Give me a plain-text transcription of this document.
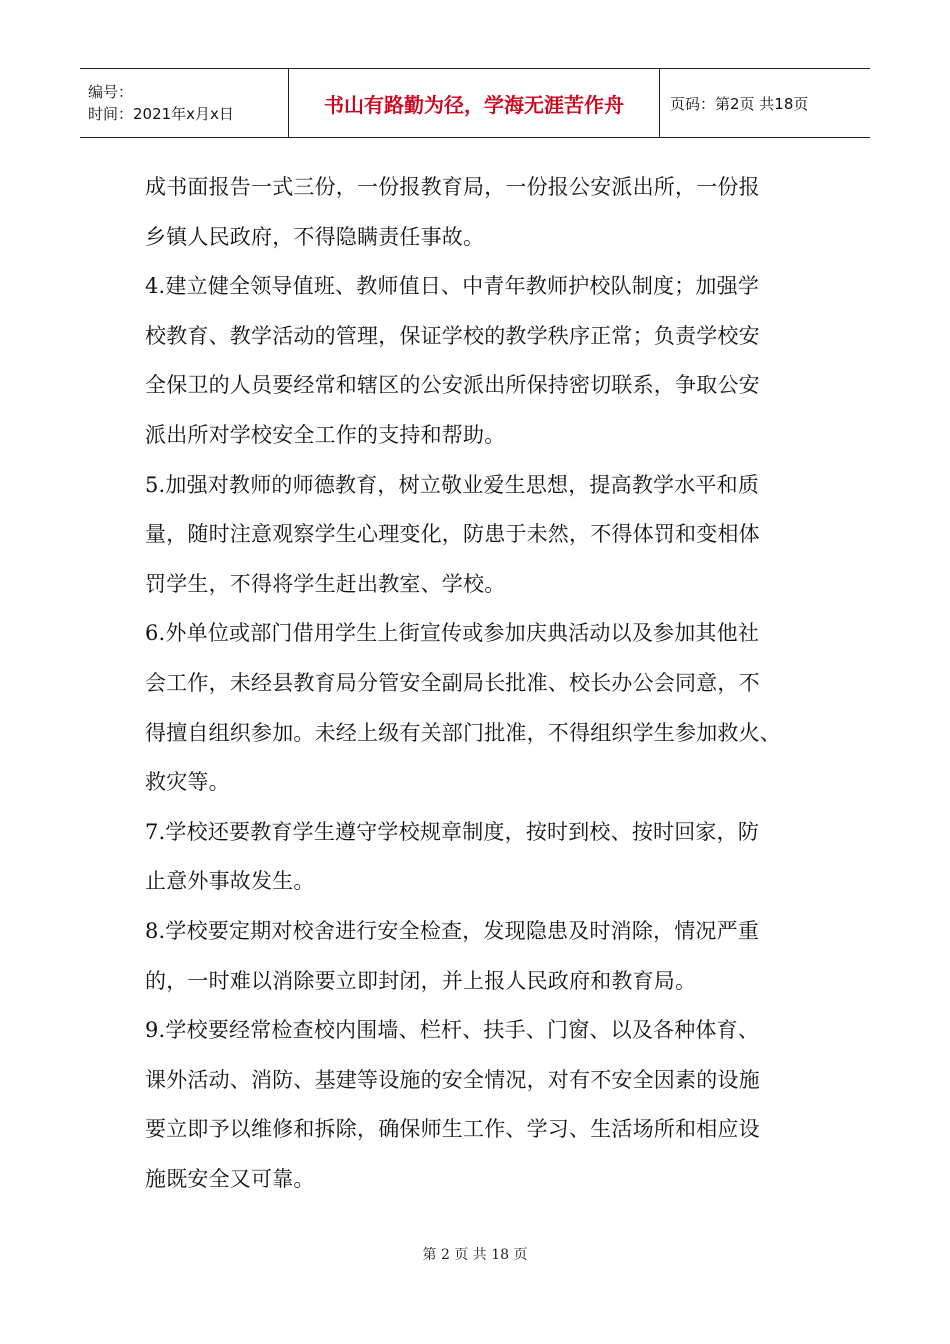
编号：
时间：2021年x月x日	书山有路勤为径，学海无涯苦作舟	页码：第2页 共18页
成书面报告一式三份，一份报教育局，一份报公安派出所，一份报
乡镇人民政府，不得隐瞒责任事故。
4.建立健全领导值班、教师值日、中青年教师护校队制度；加强学
校教育、教学活动的管理，保证学校的教学秩序正常；负责学校安
全保卫的人员要经常和辖区的公安派出所保持密切联系，争取公安
派出所对学校安全工作的支持和帮助。
5.加强对教师的师德教育，树立敬业爱生思想，提高教学水平和质
量，随时注意观察学生心理变化，防患于未然，不得体罚和变相体
罚学生，不得将学生赶出教室、学校。
6.外单位或部门借用学生上街宣传或参加庆典活动以及参加其他社
会工作，未经县教育局分管安全副局长批准、校长办公会同意，不
得擅自组织参加。未经上级有关部门批准，不得组织学生参加救火、
救灾等。
7.学校还要教育学生遵守学校规章制度，按时到校、按时回家，防
止意外事故发生。
8.学校要定期对校舍进行安全检查，发现隐患及时消除，情况严重
的，一时难以消除要立即封闭，并上报人民政府和教育局。
9.学校要经常检查校内围墙、栏杆、扶手、门窗、以及各种体育、
课外活动、消防、基建等设施的安全情况，对有不安全因素的设施
要立即予以维修和拆除，确保师生工作、学习、生活场所和相应设
施既安全又可靠。
第 2 页 共 18 页
